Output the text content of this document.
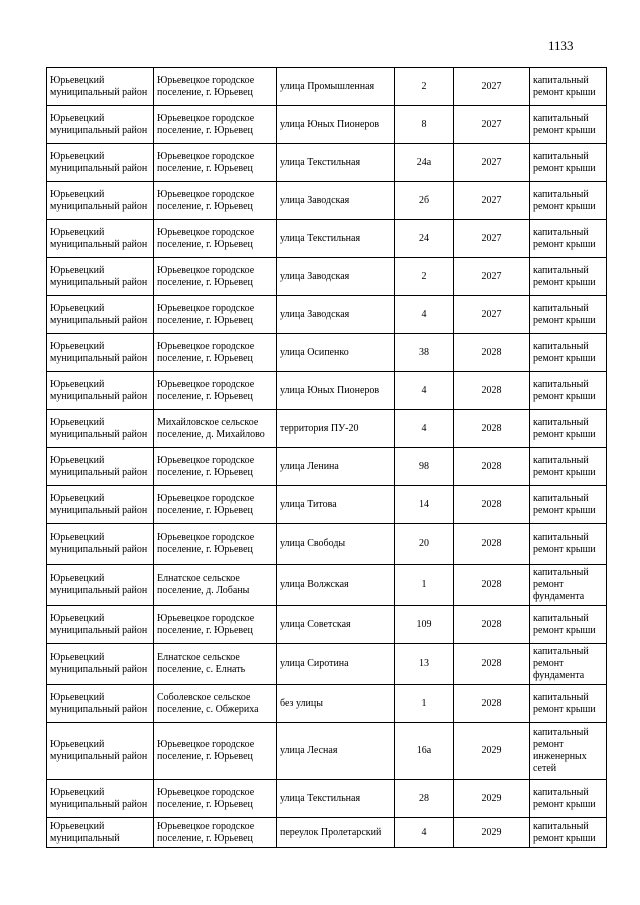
1133
Юрьевецкий муниципальный район	Юрьевецкое городское поселение, г. Юрьевец	улица Промышленная	2	2027	капитальный ремонт крыши
Юрьевецкий муниципальный район	Юрьевецкое городское поселение, г. Юрьевец	улица Юных Пионеров	8	2027	капитальный ремонт крыши
Юрьевецкий муниципальный район	Юрьевецкое городское поселение, г. Юрьевец	улица Текстильная	24а	2027	капитальный ремонт крыши
Юрьевецкий муниципальный район	Юрьевецкое городское поселение, г. Юрьевец	улица Заводская	2б	2027	капитальный ремонт крыши
Юрьевецкий муниципальный район	Юрьевецкое городское поселение, г. Юрьевец	улица Текстильная	24	2027	капитальный ремонт крыши
Юрьевецкий муниципальный район	Юрьевецкое городское поселение, г. Юрьевец	улица Заводская	2	2027	капитальный ремонт крыши
Юрьевецкий муниципальный район	Юрьевецкое городское поселение, г. Юрьевец	улица Заводская	4	2027	капитальный ремонт крыши
Юрьевецкий муниципальный район	Юрьевецкое городское поселение, г. Юрьевец	улица Осипенко	38	2028	капитальный ремонт крыши
Юрьевецкий муниципальный район	Юрьевецкое городское поселение, г. Юрьевец	улица Юных Пионеров	4	2028	капитальный ремонт крыши
Юрьевецкий муниципальный район	Михайловское сельское поселение, д. Михайлово	территория ПУ-20	4	2028	капитальный ремонт крыши
Юрьевецкий муниципальный район	Юрьевецкое городское поселение, г. Юрьевец	улица Ленина	98	2028	капитальный ремонт крыши
Юрьевецкий муниципальный район	Юрьевецкое городское поселение, г. Юрьевец	улица Титова	14	2028	капитальный ремонт крыши
Юрьевецкий муниципальный район	Юрьевецкое городское поселение, г. Юрьевец	улица Свободы	20	2028	капитальный ремонт крыши
Юрьевецкий муниципальный район	Елнатское сельское поселение, д. Лобаны	улица Волжская	1	2028	капитальный ремонт фундамента
Юрьевецкий муниципальный район	Юрьевецкое городское поселение, г. Юрьевец	улица Советская	109	2028	капитальный ремонт крыши
Юрьевецкий муниципальный район	Елнатское сельское поселение, с. Елнать	улица Сиротина	13	2028	капитальный ремонт фундамента
Юрьевецкий муниципальный район	Соболевское сельское поселение, с. Обжериха	без улицы	1	2028	капитальный ремонт крыши
Юрьевецкий муниципальный район	Юрьевецкое городское поселение, г. Юрьевец	улица Лесная	16а	2029	капитальный ремонт инженерных сетей
Юрьевецкий муниципальный район	Юрьевецкое городское поселение, г. Юрьевец	улица Текстильная	28	2029	капитальный ремонт крыши
Юрьевецкий муниципальный	Юрьевецкое городское поселение, г. Юрьевец	переулок Пролетарский	4	2029	капитальный ремонт крыши
